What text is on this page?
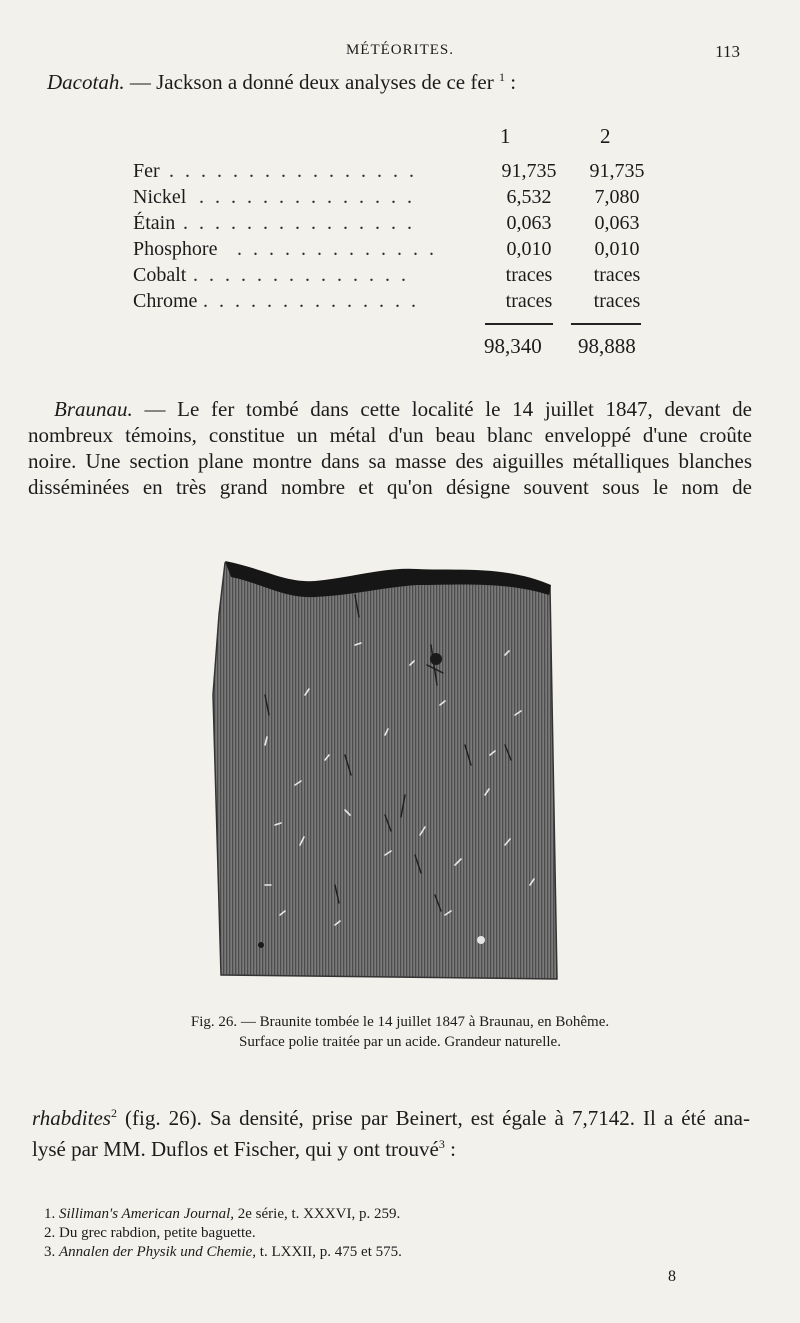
MÉTÉORITES.	113
Dacotah. — Jackson a donné deux analyses de ce fer $^1$ :
1	2
Fer . . . . . . . . . . . . . . . .	91,735	91,735
Nickel . . . . . . . . . . . . . .	6,532	7,080
Étain . . . . . . . . . . . . . . .	0,063	0,063
Phosphore . . . . . . . . . . . . .	0,010	0,010
Cobalt . . . . . . . . . . . . . .	traces	traces
Chrome . . . . . . . . . . . . . .	traces	traces
98,340 98,888
Braunau. — Le fer tombé dans cette localité le 14 juillet 1847, devant de
nombreux témoins, constitue un métal d'un beau blanc enveloppé d'une croûte
noire. Une section plane montre dans sa masse des aiguilles métalliques blanches
disséminées en très grand nombre et qu'on désigne souvent sous le nom de
Fig. 26. — Braunite tombée le 14 juillet 1847 à Braunau, en Bohême.
Surface polie traitée par un acide. Grandeur naturelle.
rhabdites$^2$ (fig. 26). Sa densité, prise par Beinert, est égale à 7,7142. Il a été ana-
lysé par MM. Duflos et Fischer, qui y ont trouvé$^3$ :
1. Silliman's American Journal, 2e série, t. XXXVI, p. 259.
2. Du grec rabdion, petite baguette.
3. Annalen der Physik und Chemie, t. LXXII, p. 475 et 575.
8
